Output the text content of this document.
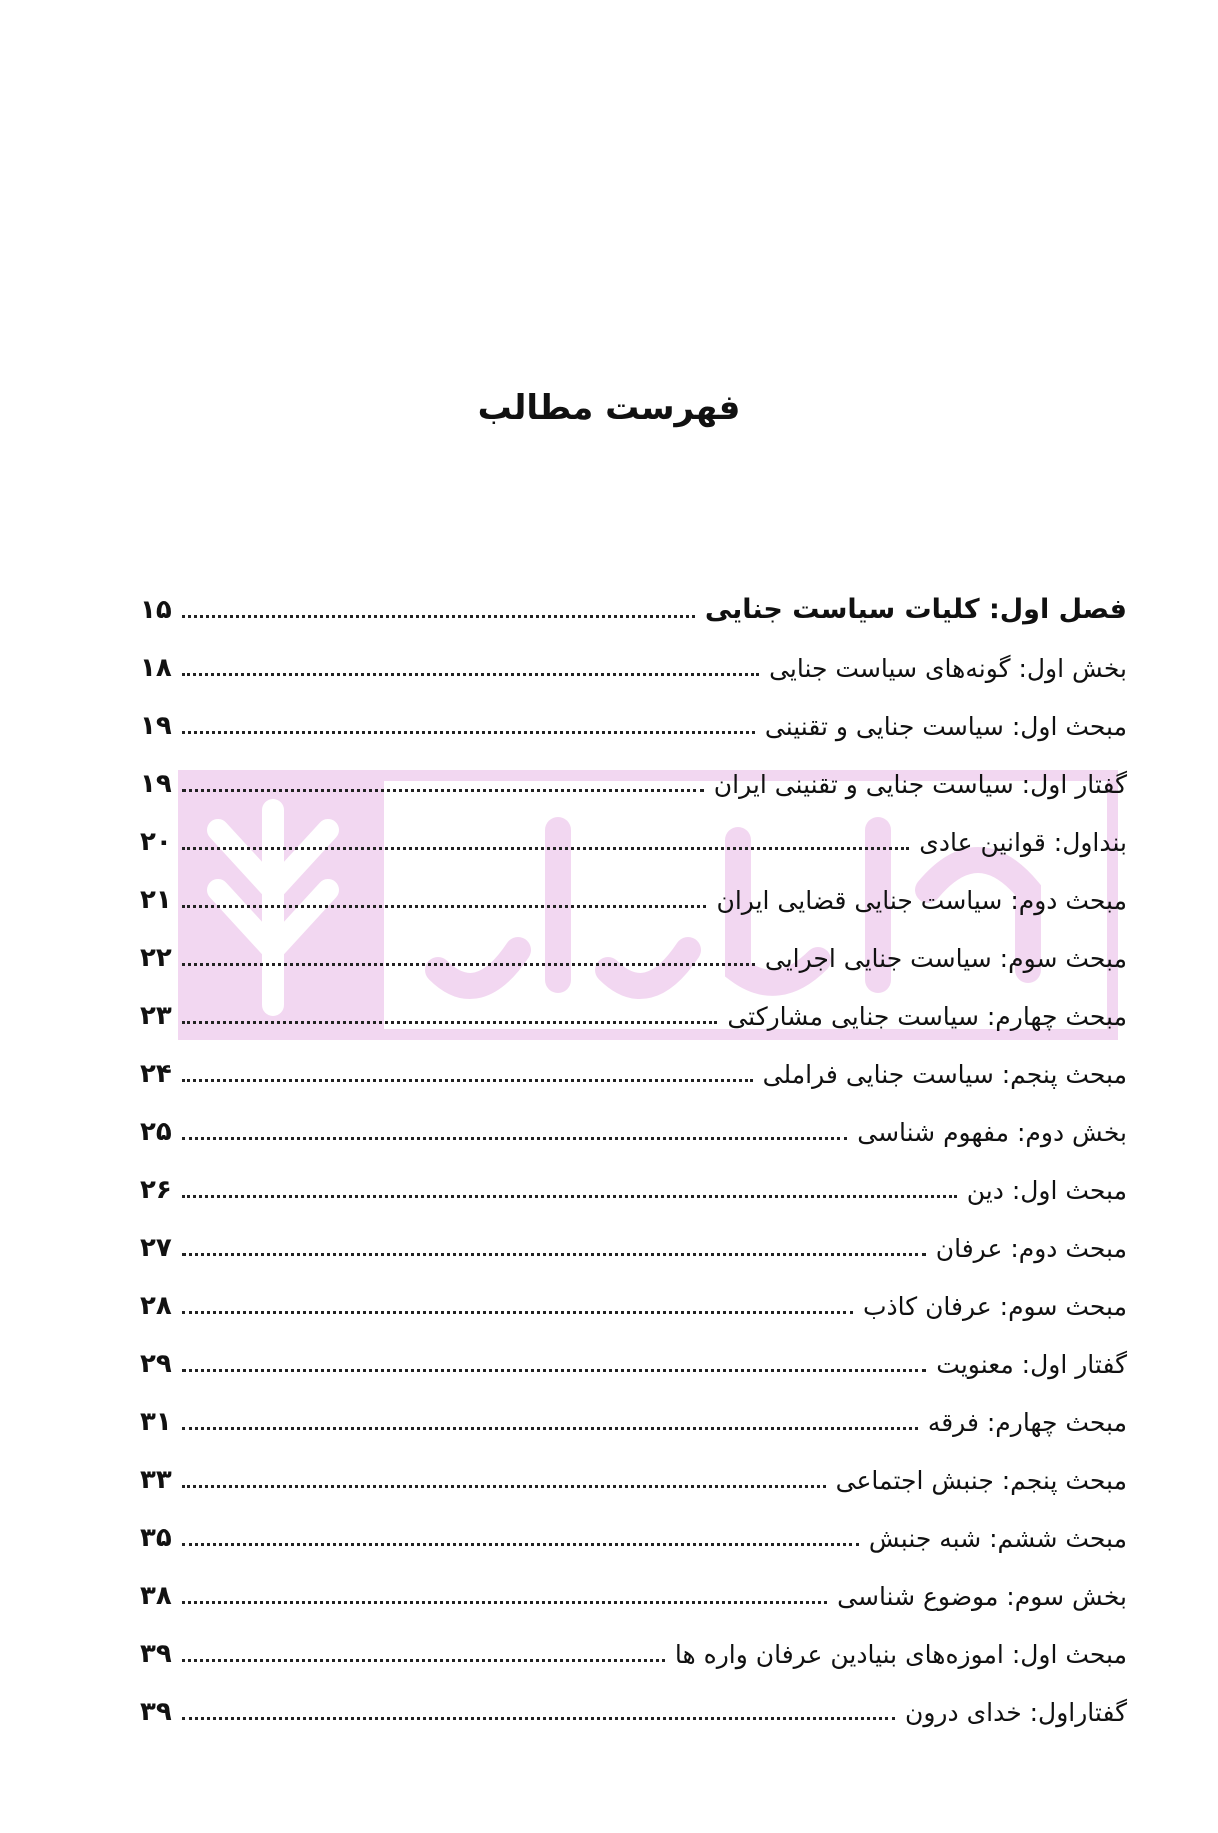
فهرست مطالب
فصل اول: کلیات سیاست جنایی
۱۵
بخش اول: گونه‌های سیاست جنایی
۱۸
مبحث اول: سیاست جنایی و تقنینی
۱۹
گفتار اول: سیاست جنایی و تقنینی ایران
۱۹
بنداول: قوانین عادی
۲۰
مبحث دوم: سیاست جنایی قضایی ایران
۲۱
مبحث سوم: سیاست جنایی اجرایی
۲۲
مبحث چهارم: سیاست جنایی مشارکتی
۲۳
مبحث پنجم: سیاست جنایی فراملی
۲۴
بخش دوم: مفهوم شناسی
۲۵
مبحث اول: دین
۲۶
مبحث دوم: عرفان
۲۷
مبحث سوم: عرفان کاذب
۲۸
گفتار اول: معنویت
۲۹
مبحث چهارم: فرقه
۳۱
مبحث پنجم: جنبش اجتماعی
۳۳
مبحث ششم: شبه جنبش
۳۵
بخش سوم: موضوع شناسی
۳۸
مبحث اول: اموزه‌های بنیادین عرفان واره ها
۳۹
گفتاراول: خدای درون
۳۹
